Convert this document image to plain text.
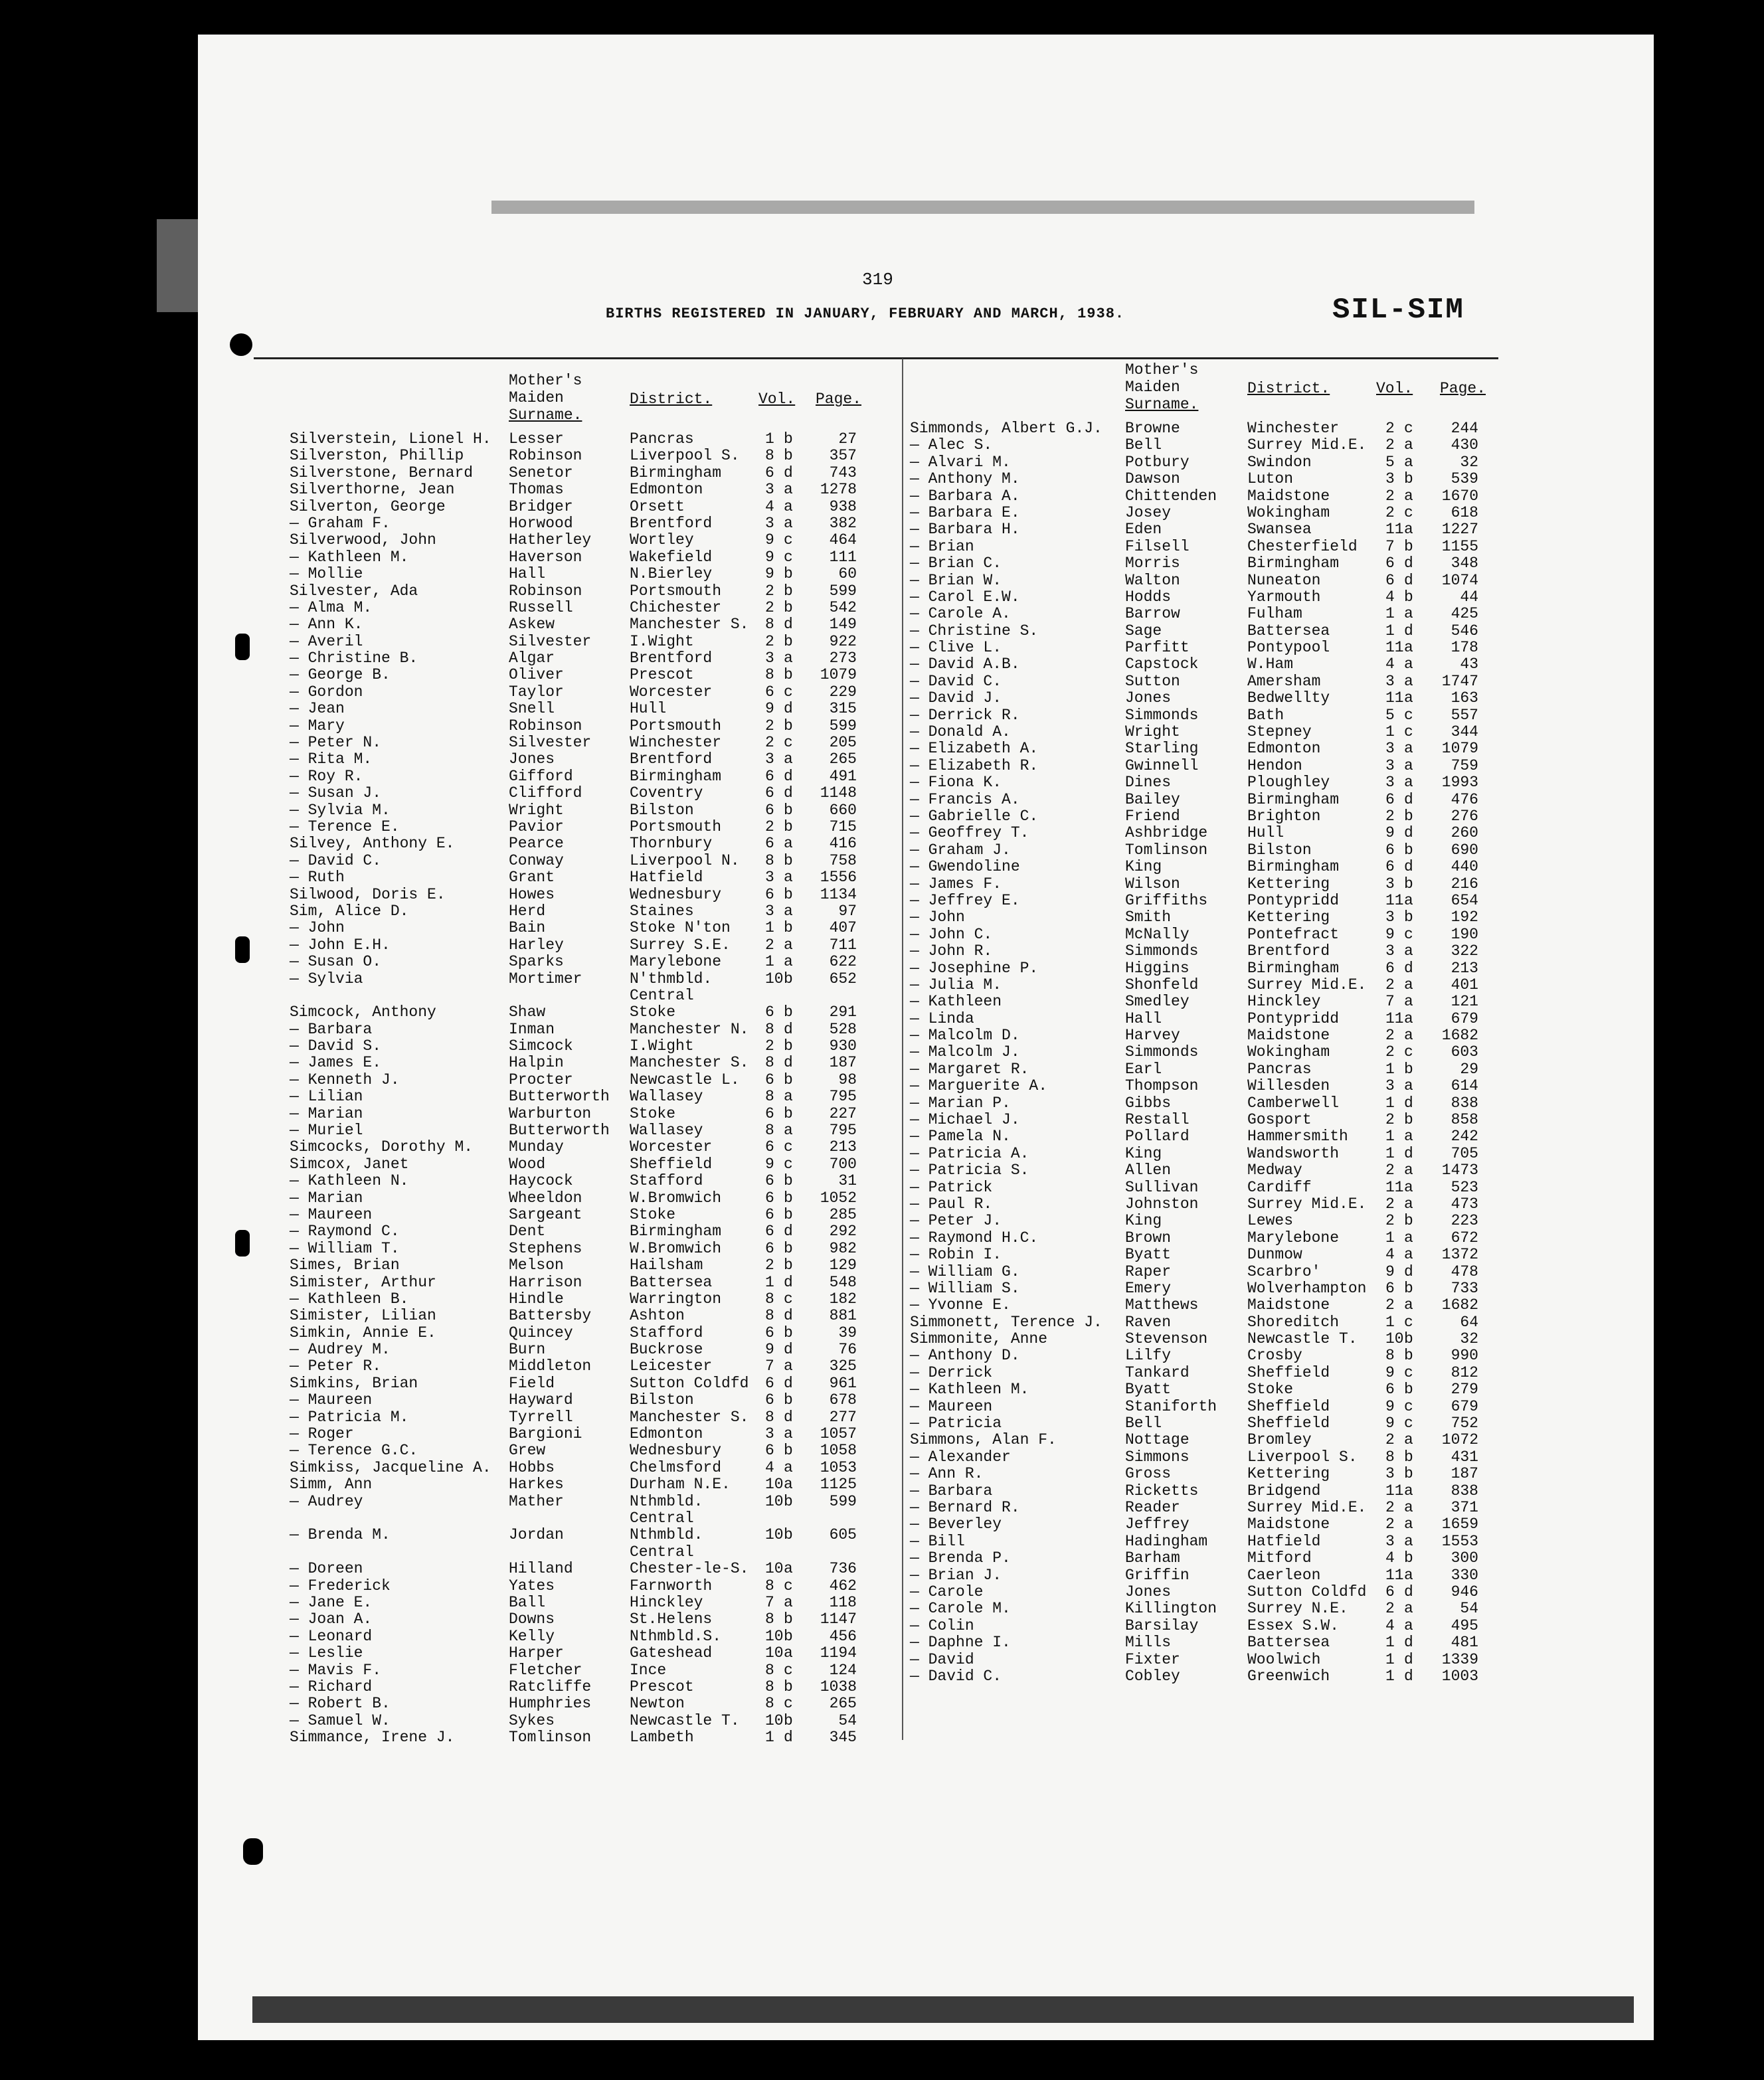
319
BIRTHS REGISTERED IN JANUARY, FEBRUARY AND MARCH, 1938.	SIL-SIM
Mother's
Maiden
Surname.
District.	Vol. Page.
Silverstein, Lionel H. Lesser	Pancras	1 b	27
Silverston, Phillip	Robinson	Liverpool S. 8 b	357
Silverstone, Bernard Senetor	Birmingham	6 d	743
Silverthorne, Jean	Thomas	Edmonton	3 a	1278
Silverton, George	Bridger	Orsett	4 a	938
— Graham F.	Horwood	Brentford	3 a	382
Silverwood, John	Hatherley	Wortley	9 c	464
— Kathleen M.	Haverson	Wakefield	9 c	111
— Mollie	Hall	N.Bierley	9 b	60
Silvester, Ada	Robinson	Portsmouth	2 b	599
— Alma M.	Russell	Chichester	2 b	542
— Ann K.	Askew	Manchester S. 8 d	149
— Averil	Silvester	I.Wight	2 b	922
— Christine B.	Algar	Brentford	3 a	273
— George B.	Oliver	Prescot	8 b	1079
— Gordon	Taylor	Worcester	6 c	229
— Jean	Snell	Hull	9 d	315
— Mary	Robinson	Portsmouth	2 b	599
— Peter N.	Silvester	Winchester	2 c	205
— Rita M.	Jones	Brentford	3 a	265
— Roy R.	Gifford	Birmingham	6 d	491
— Susan J.	Clifford	Coventry	6 d	1148
— Sylvia M.	Wright	Bilston	6 b	660
— Terence E.	Pavior	Portsmouth	2 b	715
Silvey, Anthony E.	Pearce	Thornbury	6 a	416
— David C.	Conway	Liverpool N. 8 b	758
— Ruth	Grant	Hatfield	3 a	1556
Silwood, Doris E.	Howes	Wednesbury	6 b	1134
Sim, Alice D.	Herd	Staines	3 a	97
— John	Bain	Stoke N'ton 1 b	407
— John E.H.	Harley	Surrey S.E. 2 a	711
— Susan O.	Sparks	Marylebone	1 a	622
— Sylvia	Mortimer	N'thmbld.	10 b	652
Central
Simcock, Anthony	Shaw	Stoke	6 b	291
— Barbara	Inman	Manchester N. 8 d	528
— David S.	Simcock	I.Wight	2 b	930
— James E.	Halpin	Manchester S. 8 d	187
— Kenneth J.	Procter	Newcastle L. 6 b	98
— Lilian	Butterworth Wallasey	8 a	795
— Marian	Warburton	Stoke	6 b	227
— Muriel	Butterworth Wallasey	8 a	795
Simcocks, Dorothy M. Munday	Worcester	6 c	213
Simcox, Janet	Wood	Sheffield	9 c	700
— Kathleen N.	Haycock	Stafford	6 b	31
— Marian	Wheeldon	W.Bromwich	6 b	1052
— Maureen	Sargeant	Stoke	6 b	285
— Raymond C.	Dent	Birmingham	6 d	292
— William T.	Stephens	W.Bromwich	6 b	982
Simes, Brian	Melson	Hailsham	2 b	129
Simister, Arthur	Harrison	Battersea	1 d	548
— Kathleen B.	Hindle	Warrington	8 c	182
Simister, Lilian	Battersby	Ashton	8 d	881
Simkin, Annie E.	Quincey	Stafford	6 b	39
— Audrey M.	Burn	Buckrose	9 d	76
— Peter R.	Middleton	Leicester	7 a	325
Simkins, Brian	Field	Sutton Coldfd 6 d	961
— Maureen	Hayward	Bilston	6 b	678
— Patricia M.	Tyrrell	Manchester S. 8 d	277
— Roger	Bargioni	Edmonton	3 a	1057
— Terence G.C.	Grew	Wednesbury	6 b	1058
Simkiss, Jacqueline A. Hobbs	Chelmsford	4 a	1053
Simm, Ann	Harkes	Durham N.E. 10 a	1125
— Audrey	Mather	Nthmbld.	10 b	599
Central
— Brenda M.	Jordan	Nthmbld.	10 b	605
Central
— Doreen	Hilland	Chester-le-S. 10 a	736
— Frederick	Yates	Farnworth	8 c	462
— Jane E.	Ball	Hinckley	7 a	118
— Joan A.	Downs	St.Helens	8 b	1147
— Leonard	Kelly	Nthmbld.S.	10 b	456
— Leslie	Harper	Gateshead	10 a	1194
— Mavis F.	Fletcher	Ince	8 c	124
— Richard	Ratcliffe	Prescot	8 b	1038
— Robert B.	Humphries	Newton	8 c	265
— Samuel W.	Sykes	Newcastle T. 10 b	54
Simmance, Irene J.	Tomlinson	Lambeth	1 d	345
Mother's
Maiden
Surname.
District.	Vol. Page.
Simmonds, Albert G.J. Browne	Winchester	2 c	244
— Alec S.	Bell	Surrey Mid.E. 2 a	430
— Alvari M.	Potbury	Swindon	5 a	32
— Anthony M.	Dawson	Luton	3 b	539
— Barbara A.	Chittenden Maidstone	2 a	1670
— Barbara E.	Josey	Wokingham	2 c	618
— Barbara H.	Eden	Swansea	11 a	1227
— Brian	Filsell	Chesterfield 7 b	1155
— Brian C.	Morris	Birmingham	6 d	348
— Brian W.	Walton	Nuneaton	6 d	1074
— Carol E.W.	Hodds	Yarmouth	4 b	44
— Carole A.	Barrow	Fulham	1 a	425
— Christine S.	Sage	Battersea	1 d	546
— Clive L.	Parfitt	Pontypool	11 a	178
— David A.B.	Capstock	W.Ham	4 a	43
— David C.	Sutton	Amersham	3 a	1747
— David J.	Jones	Bedwellty	11 a	163
— Derrick R.	Simmonds	Bath	5 c	557
— Donald A.	Wright	Stepney	1 c	344
— Elizabeth A.	Starling	Edmonton	3 a	1079
— Elizabeth R.	Gwinnell	Hendon	3 a	759
— Fiona K.	Dines	Ploughley	3 a	1993
— Francis A.	Bailey	Birmingham	6 d	476
— Gabrielle C.	Friend	Brighton	2 b	276
— Geoffrey T.	Ashbridge	Hull	9 d	260
— Graham J.	Tomlinson	Bilston	6 b	690
— Gwendoline	King	Birmingham	6 d	440
— James F.	Wilson	Kettering	3 b	216
— Jeffrey E.	Griffiths	Pontypridd	11 a	654
— John	Smith	Kettering	3 b	192
— John C.	McNally	Pontefract	9 c	190
— John R.	Simmonds	Brentford	3 a	322
— Josephine P.	Higgins	Birmingham	6 d	213
— Julia M.	Shonfeld	Surrey Mid.E. 2 a	401
— Kathleen	Smedley	Hinckley	7 a	121
— Linda	Hall	Pontypridd	11 a	679
— Malcolm D.	Harvey	Maidstone	2 a	1682
— Malcolm J.	Simmonds	Wokingham	2 c	603
— Margaret R.	Earl	Pancras	1 b	29
— Marguerite A.	Thompson	Willesden	3 a	614
— Marian P.	Gibbs	Camberwell	1 d	838
— Michael J.	Restall	Gosport	2 b	858
— Pamela N.	Pollard	Hammersmith 1 a	242
— Patricia A.	King	Wandsworth	1 d	705
— Patricia S.	Allen	Medway	2 a	1473
— Patrick	Sullivan	Cardiff	11 a	523
— Paul R.	Johnston	Surrey Mid.E. 2 a	473
— Peter J.	King	Lewes	2 b	223
— Raymond H.C.	Brown	Marylebone	1 a	672
— Robin I.	Byatt	Dunmow	4 a	1372
— William G.	Raper	Scarbro'	9 d	478
— William S.	Emery	Wolverhampton 6 b	733
— Yvonne E.	Matthews	Maidstone	2 a	1682
Simmonett, Terence J. Raven	Shoreditch	1 c	64
Simmonite, Anne	Stevenson	Newcastle T. 10 b	32
— Anthony D.	Lilfy	Crosby	8 b	990
— Derrick	Tankard	Sheffield	9 c	812
— Kathleen M.	Byatt	Stoke	6 b	279
— Maureen	Staniforth Sheffield	9 c	679
— Patricia	Bell	Sheffield	9 c	752
Simmons, Alan F.	Nottage	Bromley	2 a	1072
— Alexander	Simmons	Liverpool S. 8 b	431
— Ann R.	Gross	Kettering	3 b	187
— Barbara	Ricketts	Bridgend	11 a	838
— Bernard R.	Reader	Surrey Mid.E. 2 a	371
— Beverley	Jeffrey	Maidstone	2 a	1659
— Bill	Hadingham	Hatfield	3 a	1553
— Brenda P.	Barham	Mitford	4 b	300
— Brian J.	Griffin	Caerleon	11 a	330
— Carole	Jones	Sutton Coldfd 6 d	946
— Carole M.	Killington Surrey N.E. 2 a	54
— Colin	Barsilay	Essex S.W.	4 a	495
— Daphne I.	Mills	Battersea	1 d	481
— David	Fixter	Woolwich	1 d	1339
— David C.	Cobley	Greenwich	1 d	1003
